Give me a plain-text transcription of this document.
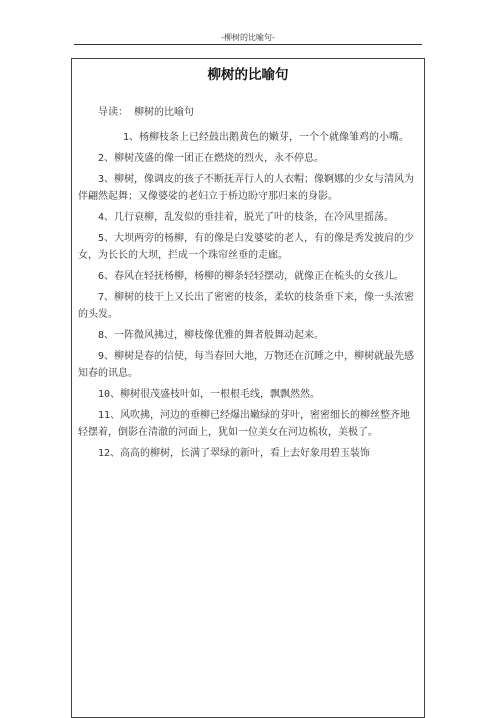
-柳树的比喻句-
柳树的比喻句

导读： 柳树的比喻句

1、杨柳枝条上已经鼓出鹅黄色的嫩芽，一个个就像雏鸡的小嘴。

2、柳树茂盛的像一团正在燃烧的烈火，永不停息。

3、柳树，像调皮的孩子不断抚弄行人的人衣帽；像婀娜的少女与清风为伴翩然起舞；又像婆娑的老妇立于桥边盼守那归来的身影。

4、几行衰柳，乱发似的垂挂着，脱光了叶的枝条，在冷风里摇荡。

5、大坝两旁的杨柳，有的像是白发婆娑的老人，有的像是秀发披肩的少女，为长长的大坝，拦成一个珠帘丝垂的走廊。

6、春风在轻抚杨柳，杨柳的柳条轻轻摆动，就像正在梳头的女孩儿。

7、柳树的枝干上又长出了密密的枝条，柔软的枝条垂下来，像一头浓密的头发。

8、一阵微风拂过，柳枝像优雅的舞者般舞动起来。

9、柳树是春的信使，每当春回大地，万物还在沉睡之中，柳树就最先感知春的讯息。

10、柳树很茂盛枝叶如，一根根毛线，飘飘然然。

11、风吹拂，河边的垂柳已经爆出嫩绿的芽叶，密密细长的柳丝整齐地轻摆着，倒影在清澈的河面上，犹如一位美女在河边梳妆，美极了。

12、高高的柳树，长满了翠绿的新叶，看上去好象用碧玉装饰
